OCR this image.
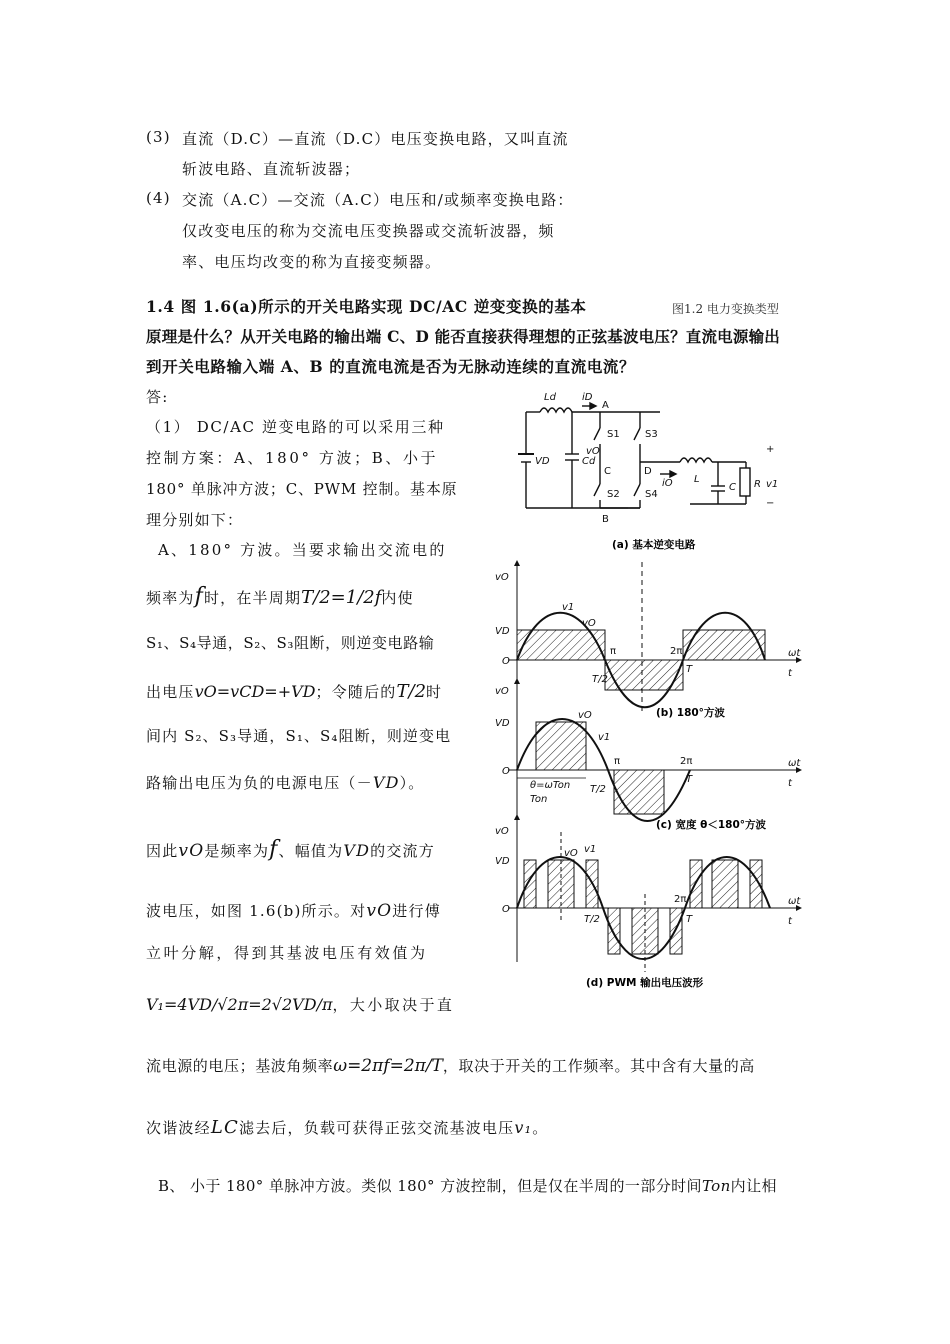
(3) 直流（D.C）—直流（D.C）电压变换电路，又叫直流
斩波电路、直流斩波器；
(4) 交流（A.C）—交流（A.C）电压和/或频率变换电路：
仅改变电压的称为交流电压变换器或交流斩波器，频
率、电压均改变的称为直接变频器。
1.4 图 1.6(a)所示的开关电路实现 DC/AC 逆变变换的基本	图1.2 电力变换类型
原理是什么？从开关电路的输出端 C、D 能否直接获得理想的正弦基波电压？直流电源输出
到开关电路输入端 A、B 的直流电流是否为无脉动连续的直流电流？
答:
（1） DC/AC 逆变电路的可以采用三种
控制方案：A、180° 方波；B、小于
180° 单脉冲方波；C、PWM 控制。基本原
理分别如下：
A、180° 方波。当要求输出交流电的
频率为f时，在半周期T/2=1/2f内使
S₁、S₄导通，S₂、S₃阻断，则逆变电路输
出电压vO=vCD=+VD；令随后的T/2时
间内 S₂、S₃导通，S₁、S₄阻断，则逆变电
路输出电压为负的电源电压（－VD）。
因此vO是频率为f、幅值为VD的交流方
波电压，如图 1.6(b)所示。对vO进行傅
立叶分解，得到其基波电压有效值为
V₁=4VD/√2π=2√2VD/π，大小取决于直
流电源的电压；基波角频率ω=2πf=2π/T，取决于开关的工作频率。其中含有大量的高
次谐波经LC滤去后，负载可获得正弦交流基波电压v₁。
B、 小于 180° 单脉冲方波。类似 180° 方波控制，但是仅在半周的一部分时间Ton内让相
Ld	iD
A
B
S1	S3
S2	S4
vO
C	D
VD	Cd
iO L
C R
+
v1
−
(a) 基本逆变电路
vO
VD
O
v1
vO
π
T/2
2π
T
ωt
t
(b) 180°方波
vO
VD
O
vO
v1
π
θ=ωTon
Ton
T/2
2π
T
ωt
t
(c) 宽度 θ＜180°方波
vO
VD
O
vO v1
T/2
2π
T
ωt
t
(d) PWM 输出电压波形
